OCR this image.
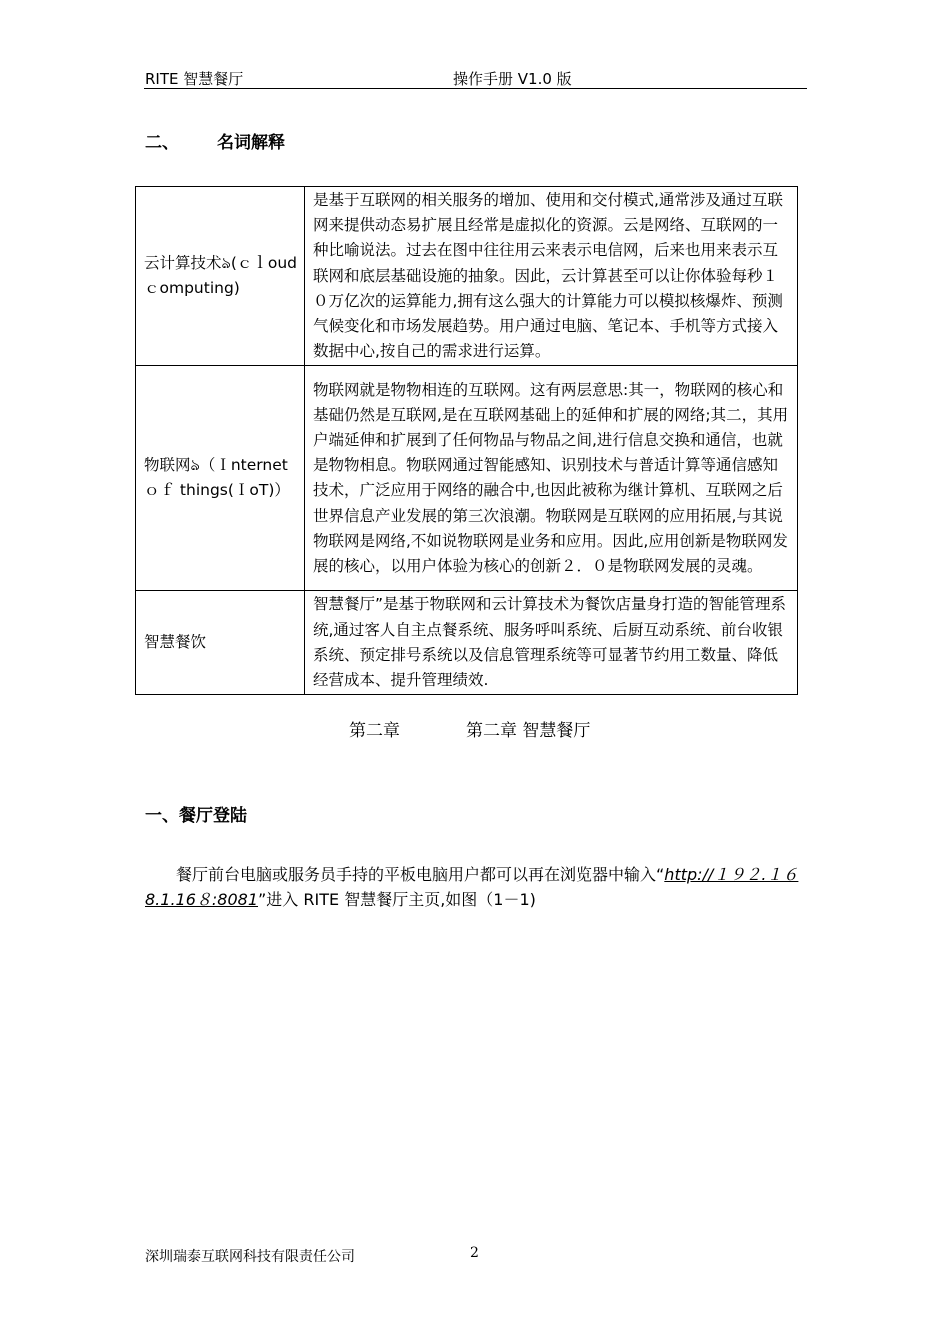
RITE 智慧餐厅	操作手册 V1.0 版
二、 名词解释
云计算技术ঌ(ｃｌoud ｃomputing)	是基于互联网的相关服务的增加、使用和交付模式,通常涉及通过互联网来提供动态易扩展且经常是虚拟化的资源。云是网络、互联网的一种比喻说法。过去在图中往往用云来表示电信网，后来也用来表示互联网和底层基础设施的抽象。因此，云计算甚至可以让你体验每秒１０万亿次的运算能力,拥有这么强大的计算能力可以模拟核爆炸、预测气候变化和市场发展趋势。用户通过电脑、笔记本、手机等方式接入数据中心,按自己的需求进行运算。
物联网ঌ（Ｉnternet　ｏｆ things(ＩoT)）	物联网就是物物相连的互联网。这有两层意思:其一，物联网的核心和基础仍然是互联网,是在互联网基础上的延伸和扩展的网络;其二，其用户端延伸和扩展到了任何物品与物品之间,进行信息交换和通信，也就是物物相息。物联网通过智能感知、识别技术与普适计算等通信感知技术，广泛应用于网络的融合中,也因此被称为继计算机、互联网之后世界信息产业发展的第三次浪潮。物联网是互联网的应用拓展,与其说物联网是网络,不如说物联网是业务和应用。因此,应用创新是物联网发展的核心，以用户体验为核心的创新２．０是物联网发展的灵魂。
智慧餐饮	智慧餐厅”是基于物联网和云计算技术为餐饮店量身打造的智能管理系统,通过客人自主点餐系统、服务呼叫系统、后厨互动系统、前台收银系统、预定排号系统以及信息管理系统等可显著节约用工数量、降低经营成本、提升管理绩效.
第二章	第二章 智慧餐厅
一、餐厅登陆
餐厅前台电脑或服务员手持的平板电脑用户都可以再在浏览器中输入“http://１９２.１６8.1.16８:8081”进入 RITE 智慧餐厅主页,如图（1－1)
深圳瑞泰互联网科技有限责任公司	2
